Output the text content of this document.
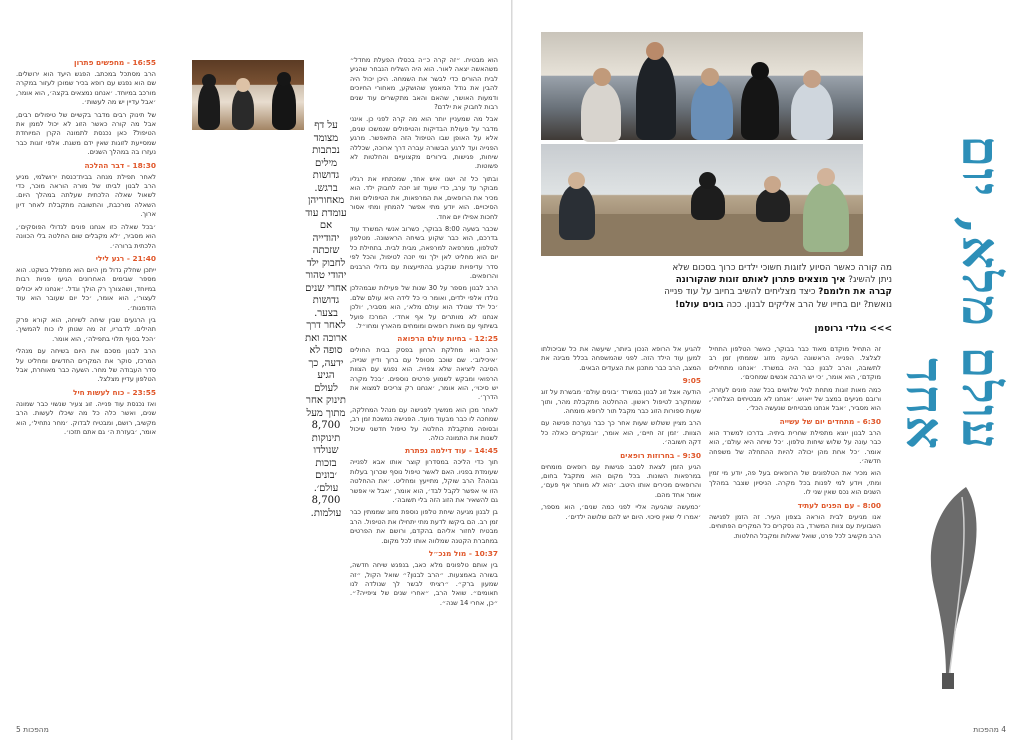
הוא מבטיח. ״זה קרה כ״ה בכסלו הפעלת מחדל״ משהאשה יצאה לאור. הוא היה השליח הנבחר שהגיע לבית ההורים כדי לבשר את השמחה. היכן יכול היה להבין את גודל המאמץ שהושקע, מאחורי החיוכים ודמעות האושר, שהאם והאב מתקשרים עוד שנים רבות לחבוק את ילדם?

אבל מה שמעניין יותר הוא מה קרה לפני כן. אינני מדבר על פעולת הבדיקות והטיפולים שנמשכו שנים, אלא על האופן שבו הטיפול הזה התאפשר. מרגע הפנייה ועד לרגע הבשורה עברה דרך ארוכה, שכללה שיחות, פגישות, בירורים מקצועיים והחלטות לא פשוטות.

ובתוך כל זה ישנו איש אחד, שמכתתיו את רגליו מבוקר עד ערב, כדי שעוד זוג יזכה לחבוק ילד. הוא מכיר את הרופאים, את המרפאות, את הטיפולים ואת הסיכויים. הוא יודע מתי אפשר להמתין ומתי אסור לחכות אפילו יום אחד.

שכבר בשעה 8:00 בבוקר, כשרוב אנשי המשרד עוד בדרכם, הוא כבר שקוע בשיחה הראשונה. מטלפון לטלפון, ממרפאה למרפאה, מבית לבית. בתחילת כל יום הוא מחליט לאן ילך ומי יזכה לטיפול, והכל לפי סדר עדיפויות שנקבע בהתייעצות עם גדולי הרבנים והרופאים.

הרב לבנון מספר על 30 שנות של פעילות שבמהלכן נולדו אלפי ילדים, ואומר כי כל לידה היא עולם שלם. ׳כל ילד שנולד הוא עולם מלא׳, הוא מסביר, ׳ולכן אנחנו לא מוותרים על אף אחד׳. המרכז פועל בשיתוף עם מאות רופאים ומומחים מהארץ ומחו״ל.

12:25 - בחיות עולם הרפואה

הרב הוא מחלקת הרחון בפסק בבית החולים ׳איכילוב׳. שם שוכב מטופל עם ברוך ודיין שנייה, הסיבה ליציאה שלא צפויה. הוא נפגש עם הצוות הרפואי ומבקש לשמוע פרטים נוספים. ׳בכל מקרה יש סיכוי׳, הוא אומר, ׳אנחנו רק צריכים למצוא את הדרך׳.

לאחר מכן הוא ממשיך לפגישה עם מנהל המחלקה, שמחכה לו כבר מבעוד מועד. הפגישה נמשכת זמן רב, ובסופה מתקבלת החלטה על טיפול חדשני שיכול לשנות את התמונה כולה.

14:45 - עוד דילמה נפתרת

תוך כדי הליכה במסדרון קוצר אותו אבא לפנייה שעומדת בפניו. האם לאשר טיפול נוסף שכרוך בעלות גבוהה? הרב שוקל, מתייעץ ומחליט. ׳את ההחלטה הזו אי אפשר לקבל לבד׳, הוא אומר, ׳אבל אי אפשר גם להשאיר את הזוג הזה בלי תשובה׳.

בן לבנון מגיעה שיחת טלפון נוספת מזוג שממתין כבר זמן רב. הם ביקשו לדעת מתי יתחילו את הטיפול. הרב מבטיח לחזור אליהם בהקדם, ורושם את הפרטים במחברת הקטנה שמלווה אותו לכל מקום.

10:37 - מול מנכ״ל

בין אותם טלפונים מלא כאב, בנפגש שיחה חדשה, בשורה באמצעות. ״הרב לבנון?״ שואל הקול, ״זה שמעון ברק״. ״רציתי לבשר לך שנולדה לנו תאומים״. שואל הרב, ״אחרי שנים של ציפייה?״. ״כן, אחרי 14 שנה״.

16:55 - מחפשים פתרון

הרב מסתכל במכתב. הפגש היעד הוא ירושלים. שם הוא נפגש עם רופא בכיר שמוכן לעזור במקרה מורכב במיוחד. ׳אנחנו נמצאים בקצה׳, הוא אומר, ׳אבל עדיין יש מה לעשות׳.

של תינוק רבים מדבר בקשיים של טיפולים רבים, אבל מה קורה כאשר הזוג לא יכול לממן את הטיפול? כאן נכנסת לתמונה הקרן המיוחדת שמסייעת לזוגות שאין ידם משגת. אלפי זוגות כבר נעזרו בה במהלך השנים.

18:30 - דבר ההלכה

לאחר תפילת מנחה בבית־כנסת ירושלמי, מגיע הרב לבנון לביתו של מורה הוראה מוכר, כדי לשאול שאלה הלכתית שעלתה במהלך היום. השאלה מורכבת, והתשובה מתקבלת לאחר דיון ארוך.

׳בכל שאלה כזו אנחנו פונים לגדולי הפוסקים׳, הוא מסביר, ׳לא מקבלים שום החלטה בלי הכוונה הלכתית ברורה׳.

21:40 - רגע לילי

ייתכן שחלק גדול מן היום הוא מתפלל בשקט. הוא מספר שבימים האחרונים הגיעו פניות רבות במיוחד, ושהצורך רק הולך וגדל. ׳אנחנו לא יכולים לעצור׳, הוא אומר, ׳כל יום שעובר הוא עוד הזדמנות׳.

בין הרגעים שבין שיחה לשיחה, הוא קורא פרק תהילים. לדבריו, זה מה שנותן לו כוח להמשיך. ׳הכל בסוף תלוי בתפילה׳, הוא אומר.

הרב לבנון מסכם את היום בשיחה עם מנהלי המרכז, סוקר את המקרים החדשים ומחליט על סדר העבודה של מחר. השעה כבר מאוחרת, אבל הטלפון עדיין מצלצל.

23:55 - כוח לעשות חיל

ואז נכנסת עוד פנייה. זוג צעיר שנשוי כבר שמונה שנים, ואשר כלה כל מה שיכלו לעשות. הרב מקשיב, רושם, ומבטיח לבדוק. ׳מחר נתחיל׳, הוא אומר, ׳בעזרת ה׳ גם אתם תזכו׳.

על דף מצומד נכתבות מילים גדושות ברגש. מאחוריהן עומדת עוד אם יהודייה שזכתה לחבוק ילד יהודי טהור אחרי שנים גדושות בצער. לאחר דרך ארוכה ואת סופה לא ידעה, כך הגיע לעולם תינוק אחר מתוך מעל 8,700 תינוקות שנולדו בזכות ׳בונים עולם׳. 8,700 עולמות.
מהפכות 5
מה קורה כאשר הסיוע לזוגות חשוכי ילדים כרוך בסכום שלא ניתן להשיג? איך מוצאים פתרון לאותם זוגות שהקורונה קברה את חלומם? כיצד מצליחים להשיב בחיוב על עוד פנייה נואשת? יום בחייו של הרב אליקים לבנון. ככה בונים עולם!
>>> גולדי גרוסמן

להגיע אל הרופא הנכון ביותר, שיעשה את כל שביכולתו למען עוד הילד הזה. לפני שהמשפחה בכלל מבינה את המצב, הרב כבר מתכנן את הצעדים הבאים.

9:05

הודעה אצל זוג לבנון במשרד ׳בונים עולם׳ מבשרת על זוג שמתקרב לטיפול ראשון. ההחלטה מתקבלת מהר, ותוך שעות ספורות הזוג כבר מקבל תור לרופא מומחה.

הרב מציין ששלוש שעות אחר כך כבר נערכת פגישה עם הצוות. ׳זמן זה חיים׳, הוא אומר, ׳ובמקרים כאלה כל דקה חשובה׳.

9:30 - בחרוזות רופאים

הגיע הזמן לצאת לסבב פגישות עם רופאים מומחים במרפאות השונות. בכל מקום הוא מתקבל בחום, והרופאים מכירים אותו היטב. ׳הוא לא מוותר אף פעם׳, אומר אחד מהם.

׳כמעשה שהגיעה אליי לפני כמה שנים׳, הוא מספר, ׳אמרו לי שאין סיכוי. היום יש להם שלושה ילדים׳.

זה התחיל מוקדם מאוד כבר בבוקר, כאשר הטלפון התחיל לצלצל. הפנייה הראשונה הגיעה מזוג שממתין זמן רב לתשובה, והרב לבנון כבר היה במשרד. ׳אנחנו מתחילים מוקדם׳, הוא אומר, ׳כי יש הרבה אנשים שמחכים׳.

כמה מאות זוגות מתחת לגיל שלושים בכל שנה פונים לעזרה, ורובם מגיעים במצב של ייאוש. ׳אנחנו לא מבטיחים הצלחה׳, הוא מסביר, ׳אבל אנחנו מבטיחים שנעשה הכל׳.

6:30 - מתחדים יום של עשייה

הרב לבנון יוצא מתפילת שחרית ביתיה. בדרכו למשרד הוא כבר עונה על שלוש שיחות טלפון. ׳כל שיחה היא עולם׳, הוא אומר. ׳כל אחת מהן יכולה להיות ההתחלה של משפחה חדשה׳.

הוא מכיר את הטלפונים של הרופאים בעל פה, יודע מי זמין ומתי, ויודע למי לפנות בכל מקרה. הניסיון שצבר במהלך השנים הוא נכס שאין שני לו.

8:00 - עם הפנים לעתיד

אנו מגיעים לבית הוראה בצפון העיר. זה הזמן לפגישה השבועית עם צוות המשרד, בה נסקרים כל המקרים הפתוחים. הרב מקשיב לכל פרט, שואל שאלות ומקבל החלטות.

עולם מלא, יום אחד
4 מהפכות
